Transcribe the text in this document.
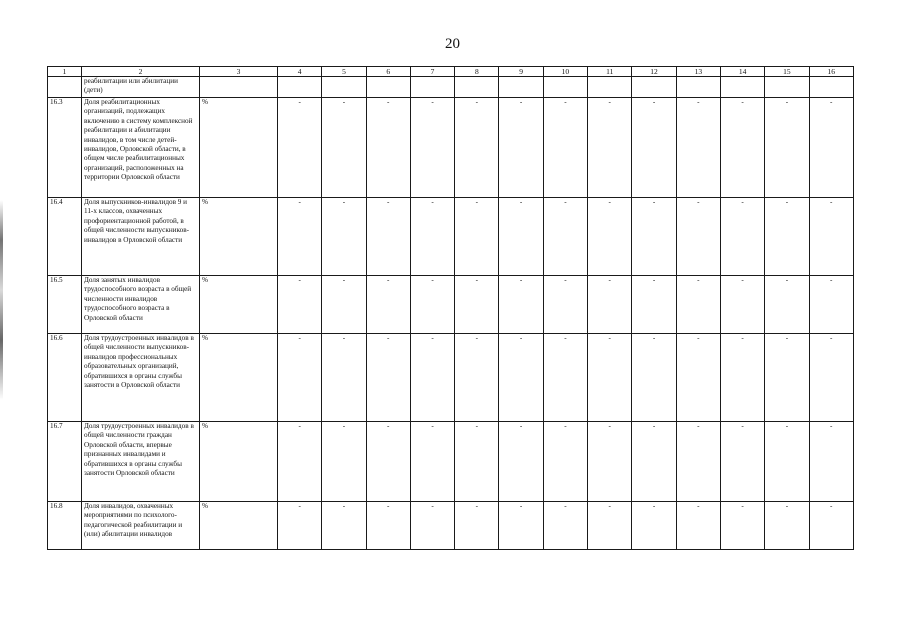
20
1	2	3	4	5	6	7	8	9	10	11	12	13	14	15	16
	реабилитации или абилитации (дети)														
16.3	Доля реабилитационных организаций, подлежащих включению в систему комплексной реабилитации и абилитации инвалидов, в том числе детей-инвалидов, Орловской области, в общем числе реабилитационных организаций, расположенных на территории Орловской области	%	-	-	-	-	-	-	-	-	-	-	-	-	-
16.4	Доля выпускников-инвалидов 9 и 11-х классов, охваченных профориентационной работой, в общей численности выпускников-инвалидов в Орловской области	%	-	-	-	-	-	-	-	-	-	-	-	-	-
16.5	Доля занятых инвалидов трудоспособного возраста в общей численности инвалидов трудоспособного возраста в Орловской области	%	-	-	-	-	-	-	-	-	-	-	-	-	-
16.6	Доля трудоустроенных инвалидов в общей численности выпускников-инвалидов профессиональных образовательных организаций, обратившихся в органы службы занятости в Орловской области	%	-	-	-	-	-	-	-	-	-	-	-	-	-
16.7	Доля трудоустроенных инвалидов в общей численности граждан Орловской области, впервые признанных инвалидами и обратившихся в органы службы занятости Орловской области	%	-	-	-	-	-	-	-	-	-	-	-	-	-
16.8	Доля инвалидов, охваченных мероприятиями по психолого-педагогической реабилитации и (или) абилитации инвалидов	%	-	-	-	-	-	-	-	-	-	-	-	-	-
